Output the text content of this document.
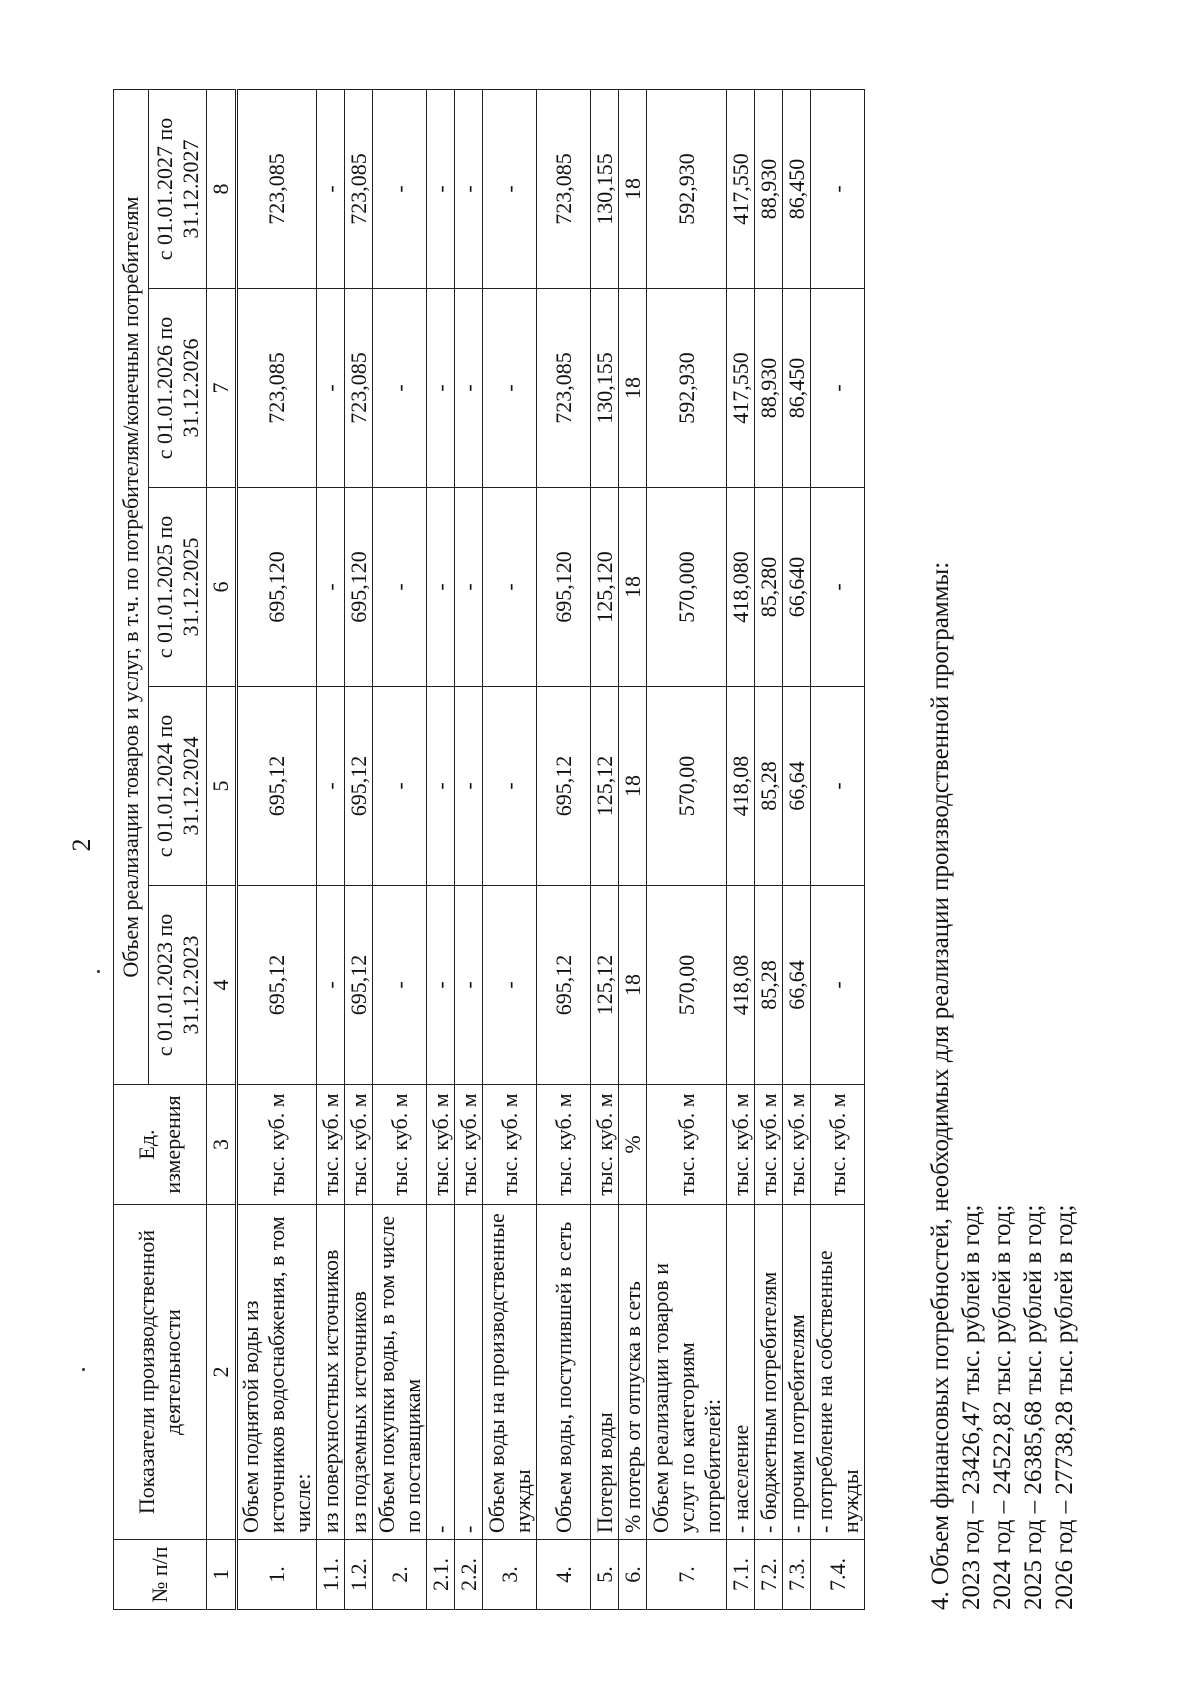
2
№ п/п	Показатели производственной деятельности	Ед. измерения	Объем реализации товаров и услуг, в т.ч. по потребителям/конечным потребителям				
			с 01.01.2023 по 31.12.2023	с 01.01.2024 по 31.12.2024	с 01.01.2025 по 31.12.2025	с 01.01.2026 по 31.12.2026	с 01.01.2027 по 31.12.2027
1	2	3	4	5	6	7	8
1.	Объем поднятой воды из источников водоснабжения, в том числе:	тыс. куб. м	695,12	695,12	695,120	723,085	723,085
1.1.	из поверхностных источников	тыс. куб. м	-	-	-	-	-
1.2.	из подземных источников	тыс. куб. м	695,12	695,12	695,120	723,085	723,085
2.	Объем покупки воды, в том числе по поставщикам	тыс. куб. м	-	-	-	-	-
2.1.	-	тыс. куб. м	-	-	-	-	-
2.2.	-	тыс. куб. м	-	-	-	-	-
3.	Объем воды на производственные нужды	тыс. куб. м	-	-	-	-	-
4.	Объем воды, поступившей в сеть	тыс. куб. м	695,12	695,12	695,120	723,085	723,085
5.	Потери воды	тыс. куб. м	125,12	125,12	125,120	130,155	130,155
6.	% потерь от отпуска в сеть	%	18	18	18	18	18
7.	Объем реализации товаров и услуг по категориям потребителей:	тыс. куб. м	570,00	570,00	570,000	592,930	592,930
7.1.	- население	тыс. куб. м	418,08	418,08	418,080	417,550	417,550
7.2.	- бюджетным потребителям	тыс. куб. м	85,28	85,28	85,280	88,930	88,930
7.3.	- прочим потребителям	тыс. куб. м	66,64	66,64	66,640	86,450	86,450
7.4.	- потребление на собственные нужды	тыс. куб. м	-	-	-	-	-
4. Объем финансовых потребностей, необходимых для реализации производственной программы: 2023 год – 23426,47 тыс. рублей в год; 2024 год – 24522,82 тыс. рублей в год; 2025 год – 26385,68 тыс. рублей в год; 2026 год – 27738,28 тыс. рублей в год;
